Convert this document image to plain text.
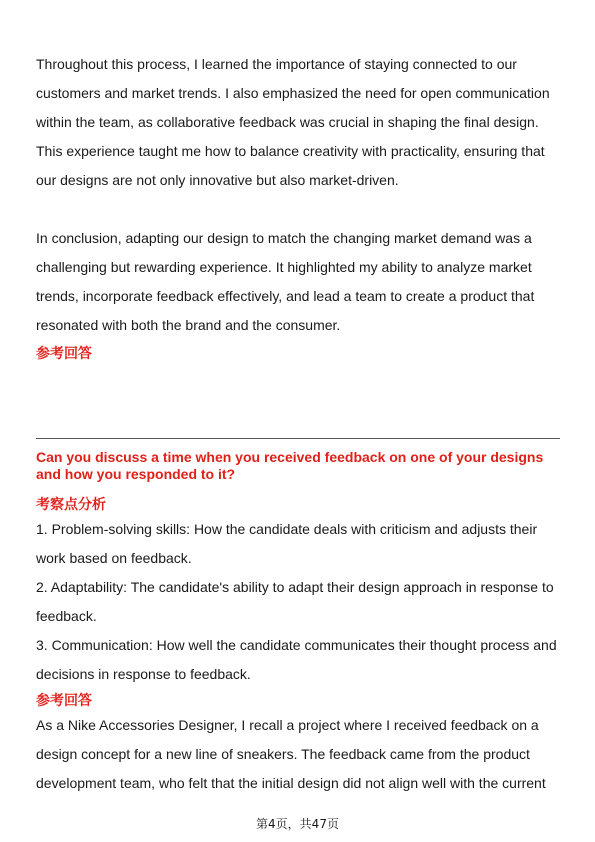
Throughout this process, I learned the importance of staying connected to our customers and market trends. I also emphasized the need for open communication within the team, as collaborative feedback was crucial in shaping the final design. This experience taught me how to balance creativity with practicality, ensuring that our designs are not only innovative but also market-driven.

In conclusion, adapting our design to match the changing market demand was a challenging but rewarding experience. It highlighted my ability to analyze market trends, incorporate feedback effectively, and lead a team to create a product that resonated with both the brand and the consumer.

参考回答

Can you discuss a time when you received feedback on one of your designs and how you responded to it?

考察点分析

1. Problem-solving skills: How the candidate deals with criticism and adjusts their work based on feedback.

2. Adaptability: The candidate's ability to adapt their design approach in response to feedback.

3. Communication: How well the candidate communicates their thought process and decisions in response to feedback.

参考回答

As a Nike Accessories Designer, I recall a project where I received feedback on a design concept for a new line of sneakers. The feedback came from the product development team, who felt that the initial design did not align well with the current

第4页，共47页
